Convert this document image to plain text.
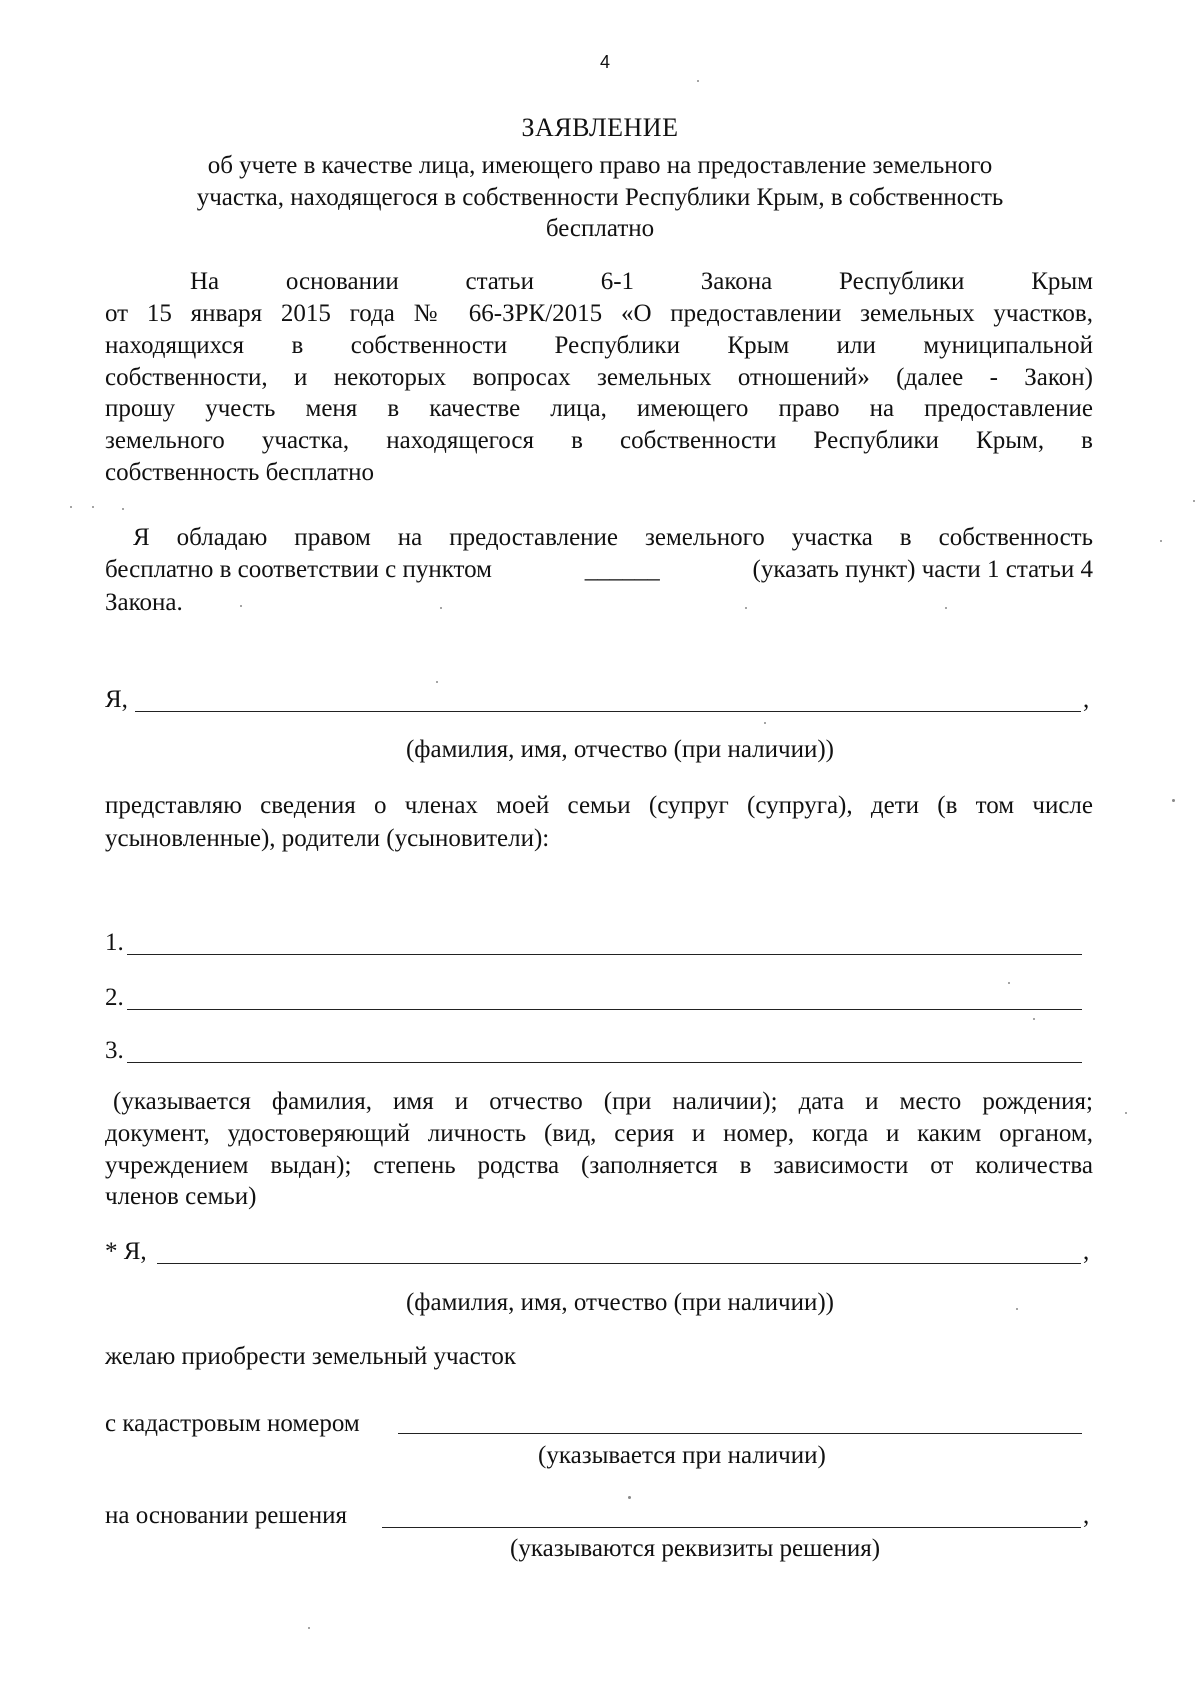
4
ЗАЯВЛЕНИЕ
об учете в качестве лица, имеющего право на предоставление земельного
участка, находящегося в собственности Республики Крым, в собственность
бесплатно
На	основании	статьи	6-1	Закона	Республики	Крым
от 15 января 2015 года № 66-ЗРК/2015 «О предоставлении земельных участков,
находящихся в собственности Республики Крым или муниципальной
собственности, и некоторых вопросах земельных отношений» (далее - Закон)
прошу учесть меня в качестве лица, имеющего право на предоставление
земельного участка, находящегося в собственности Республики Крым, в
собственность бесплатно
Я обладаю правом на предоставление земельного участка в собственность
бесплатно в соответствии с пунктом	______	(указать пункт) части 1 статьи 4
Закона.
Я,	,
(фамилия, имя, отчество (при наличии))
представляю сведения о членах моей семьи (супруг (супруга), дети (в том числе
усыновленные), родители (усыновители):
1.
2.
3.
(указывается фамилия, имя и отчество (при наличии); дата и место рождения;
документ, удостоверяющий личность (вид, серия и номер, когда и каким органом,
учреждением выдан); степень родства (заполняется в зависимости от количества
членов семьи)
* Я,	,
(фамилия, имя, отчество (при наличии))
желаю приобрести земельный участок
с кадастровым номером
(указывается при наличии)
на основании решения	,
(указываются реквизиты решения)
